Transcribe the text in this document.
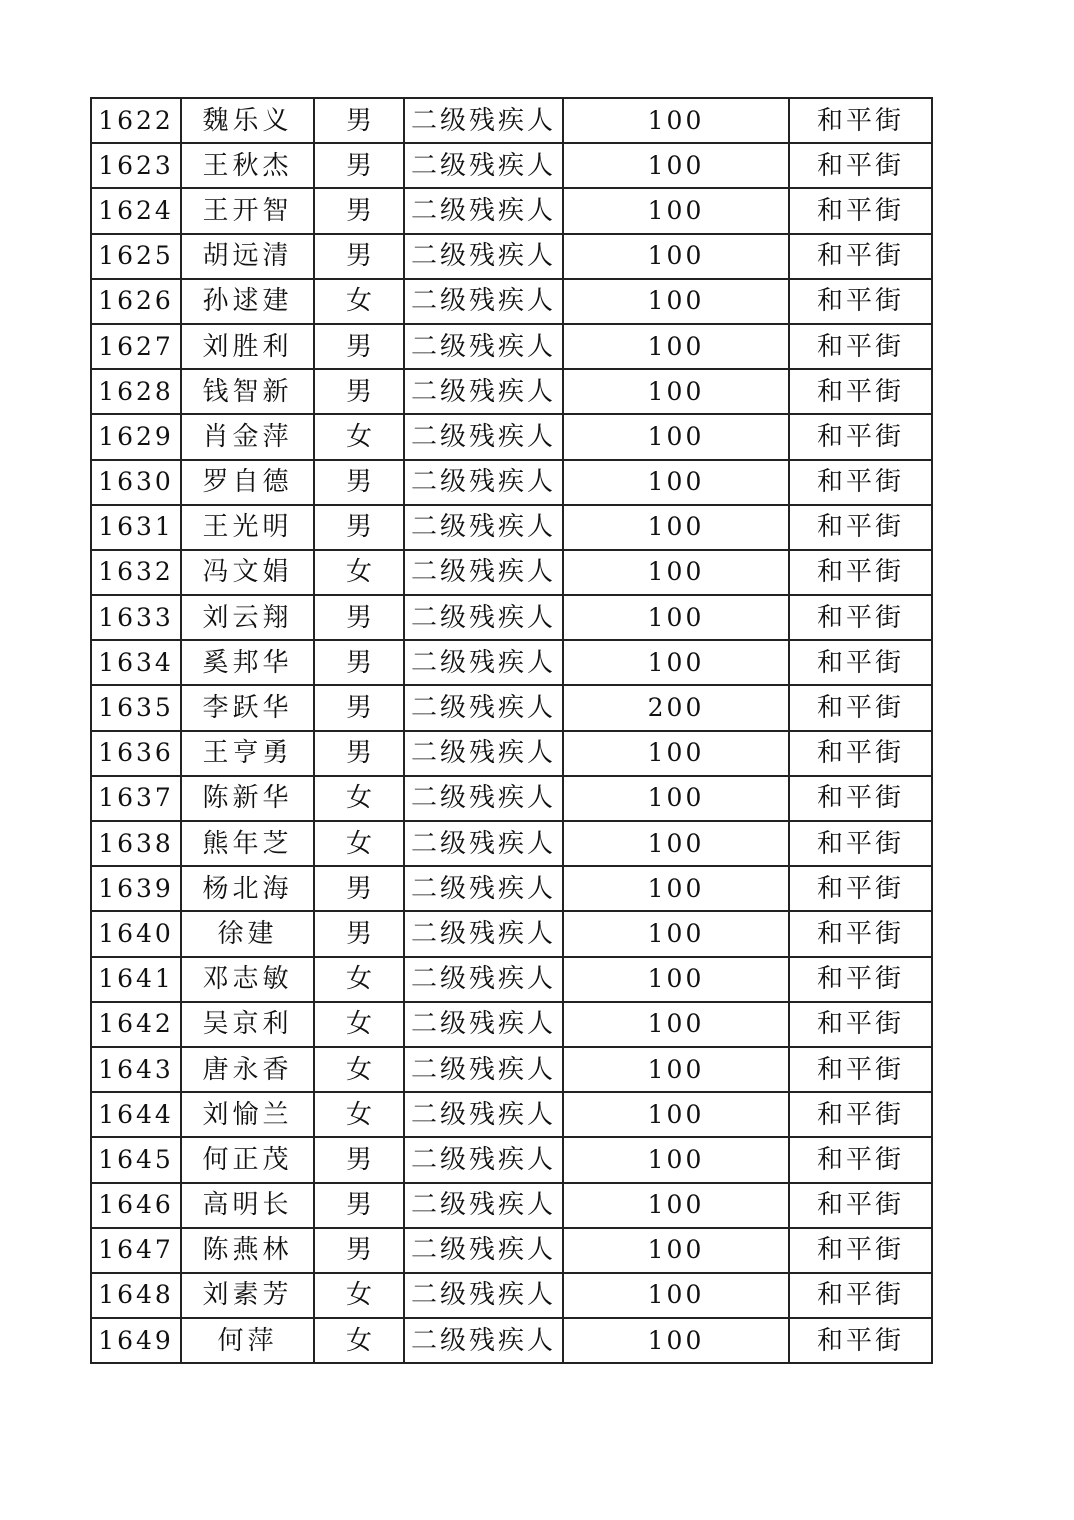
1622	魏乐义	男	二级残疾人	100	和平街
1623	王秋杰	男	二级残疾人	100	和平街
1624	王开智	男	二级残疾人	100	和平街
1625	胡远清	男	二级残疾人	100	和平街
1626	孙逑建	女	二级残疾人	100	和平街
1627	刘胜利	男	二级残疾人	100	和平街
1628	钱智新	男	二级残疾人	100	和平街
1629	肖金萍	女	二级残疾人	100	和平街
1630	罗自德	男	二级残疾人	100	和平街
1631	王光明	男	二级残疾人	100	和平街
1632	冯文娟	女	二级残疾人	100	和平街
1633	刘云翔	男	二级残疾人	100	和平街
1634	奚邦华	男	二级残疾人	100	和平街
1635	李跃华	男	二级残疾人	200	和平街
1636	王亨勇	男	二级残疾人	100	和平街
1637	陈新华	女	二级残疾人	100	和平街
1638	熊年芝	女	二级残疾人	100	和平街
1639	杨北海	男	二级残疾人	100	和平街
1640	徐建	男	二级残疾人	100	和平街
1641	邓志敏	女	二级残疾人	100	和平街
1642	吴京利	女	二级残疾人	100	和平街
1643	唐永香	女	二级残疾人	100	和平街
1644	刘愉兰	女	二级残疾人	100	和平街
1645	何正茂	男	二级残疾人	100	和平街
1646	高明长	男	二级残疾人	100	和平街
1647	陈燕林	男	二级残疾人	100	和平街
1648	刘素芳	女	二级残疾人	100	和平街
1649	何萍	女	二级残疾人	100	和平街
